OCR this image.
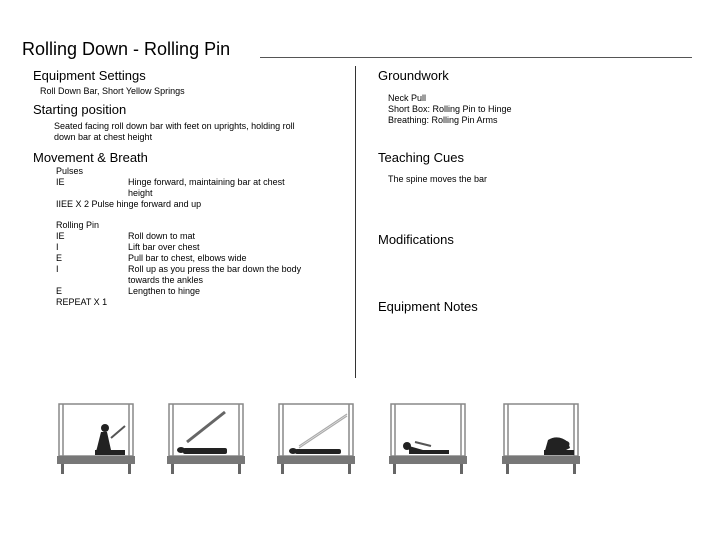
Rolling Down - Rolling Pin
Equipment Settings
Roll Down Bar, Short Yellow Springs
Starting position
Seated facing roll down bar with feet on uprights, holding roll
down bar at chest height
Movement & Breath
Pulses
IE	Hinge forward, maintaining bar at chest
height
IIEE X 2 Pulse hinge forward and up
Rolling Pin
IE	Roll down to mat
I	Lift bar over chest
E	Pull bar to chest, elbows wide
I	Roll up as you press the bar down the body
towards the ankles
E	Lengthen to hinge
REPEAT X 1
Groundwork
Neck Pull
Short Box: Rolling Pin to Hinge
Breathing: Rolling Pin Arms
Teaching Cues
The spine moves the bar
Modifications
Equipment Notes
